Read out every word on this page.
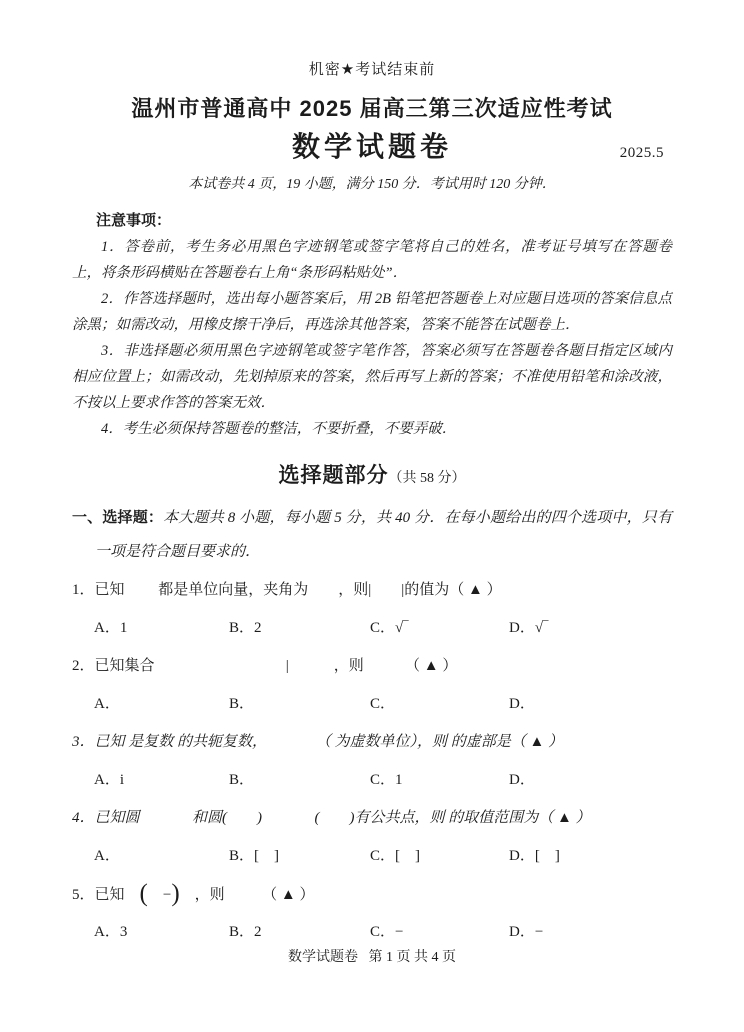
机密★考试结束前
温州市普通高中 2025 届高三第三次适应性考试
数学试题卷	2025.5
本试卷共 4 页，19 小题，满分 150 分．考试用时 120 分钟．
注意事项：

1．答卷前，考生务必用黑色字迹钢笔或签字笔将自己的姓名，准考证号填写在答题卷上，将条形码横贴在答题卷右上角“条形码粘贴处”．

2．作答选择题时，选出每小题答案后，用 2B 铅笔把答题卷上对应题目选项的答案信息点涂黑；如需改动，用橡皮擦干净后，再选涂其他答案，答案不能答在试题卷上．

3．非选择题必须用黑色字迹钢笔或签字笔作答，答案必须写在答题卷各题目指定区域内相应位置上；如需改动，先划掉原来的答案，然后再写上新的答案；不准使用铅笔和涂改液，不按以上要求作答的答案无效．

4．考生必须保持答题卷的整洁，不要折叠，不要弄破．

选择题部分（共 58 分）

一、选择题：本大题共 8 小题，每小题 5 分，共 40 分．在每小题给出的四个选项中，只有一项是符合题目要求的．

1．已知         都是单位向量，夹角为        ，则|        |的值为（ ▲ ）
A．1	B．2	C．√‾	D．√‾
2．已知集合                                   |            ，则           （ ▲ ）
A．	B．	C．	D．
3．已知 是复数 的共轭复数，             （ 为虚数单位），则 的虚部是（ ▲ ）
A．i	B．	C．1	D．
4．已知圆              和圆(        )              (        )有公共点，则 的取值范围为（ ▲ ）
A．	B．[    ]	C．[    ]	D．[    ]
5．已知    (    −)    ，则          （ ▲ ）
A．3	B．2	C．−	D．−
数学试题卷   第 1 页 共 4 页
